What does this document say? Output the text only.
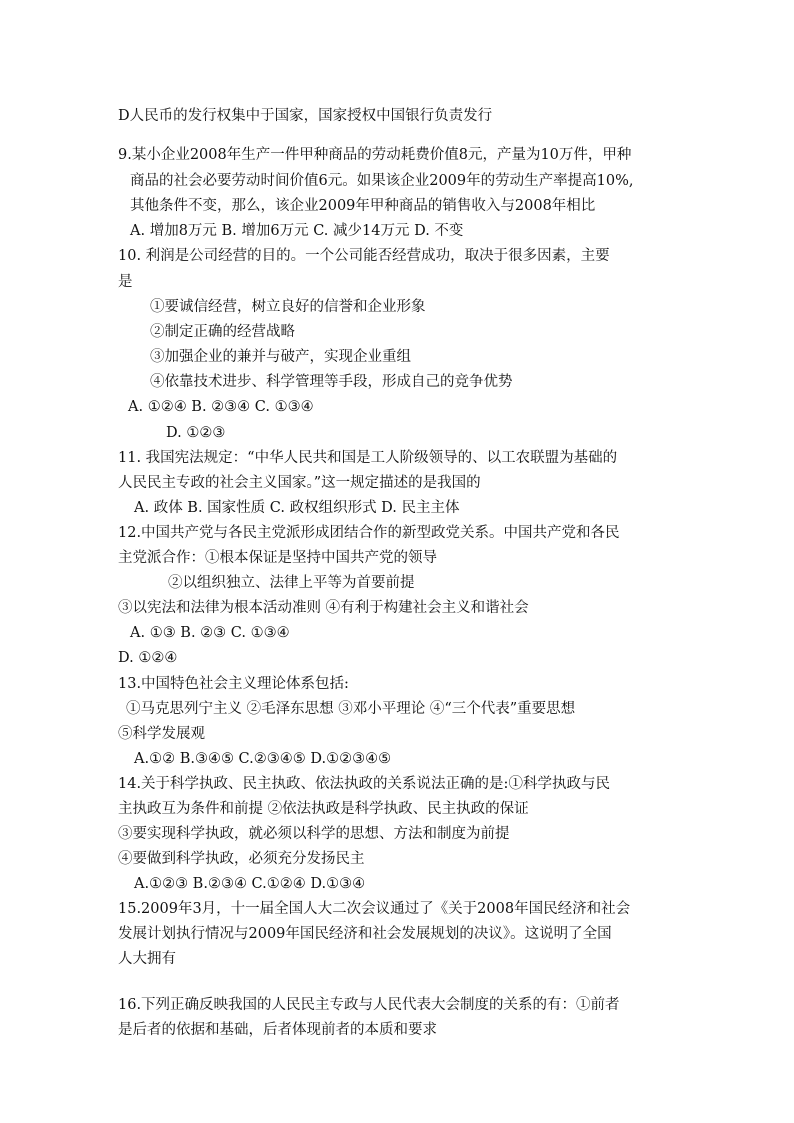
D人民币的发行权集中于国家，国家授权中国银行负责发行

9.某小企业2008年生产一件甲种商品的劳动耗费价值8元，产量为10万件，甲种

商品的社会必要劳动时间价值6元。如果该企业2009年的劳动生产率提高10%,

其他条件不变，那么，该企业2009年甲种商品的销售收入与2008年相比

A. 增加8万元 B. 增加6万元 C. 减少14万元 D. 不变

10. 利润是公司经营的目的。一个公司能否经营成功，取决于很多因素，主要

是

①要诚信经营，树立良好的信誉和企业形象

②制定正确的经营战略

③加强企业的兼并与破产，实现企业重组

④依靠技术进步、科学管理等手段，形成自己的竞争优势

A. ①②④ B. ②③④ C. ①③④

D. ①②③

11. 我国宪法规定：“中华人民共和国是工人阶级领导的、以工农联盟为基础的

人民民主专政的社会主义国家。”这一规定描述的是我国的

A. 政体 B. 国家性质 C. 政权组织形式 D. 民主主体

12.中国共产党与各民主党派形成团结合作的新型政党关系。中国共产党和各民

主党派合作：①根本保证是坚持中国共产党的领导

②以组织独立、法律上平等为首要前提

③以宪法和法律为根本活动准则 ④有利于构建社会主义和谐社会

A. ①③ B. ②③ C. ①③④

D. ①②④

13.中国特色社会主义理论体系包括:

①马克思列宁主义 ②毛泽东思想 ③邓小平理论 ④“三个代表”重要思想

⑤科学发展观

A.①② B.③④⑤ C.②③④⑤ D.①②③④⑤

14.关于科学执政、民主执政、依法执政的关系说法正确的是:①科学执政与民

主执政互为条件和前提 ②依法执政是科学执政、民主执政的保证

③要实现科学执政，就必须以科学的思想、方法和制度为前提

④要做到科学执政，必须充分发扬民主

A.①②③ B.②③④ C.①②④ D.①③④

15.2009年3月，十一届全国人大二次会议通过了《关于2008年国民经济和社会

发展计划执行情况与2009年国民经济和社会发展规划的决议》。这说明了全国

人大拥有

16.下列正确反映我国的人民民主专政与人民代表大会制度的关系的有：①前者

是后者的依据和基础，后者体现前者的本质和要求
